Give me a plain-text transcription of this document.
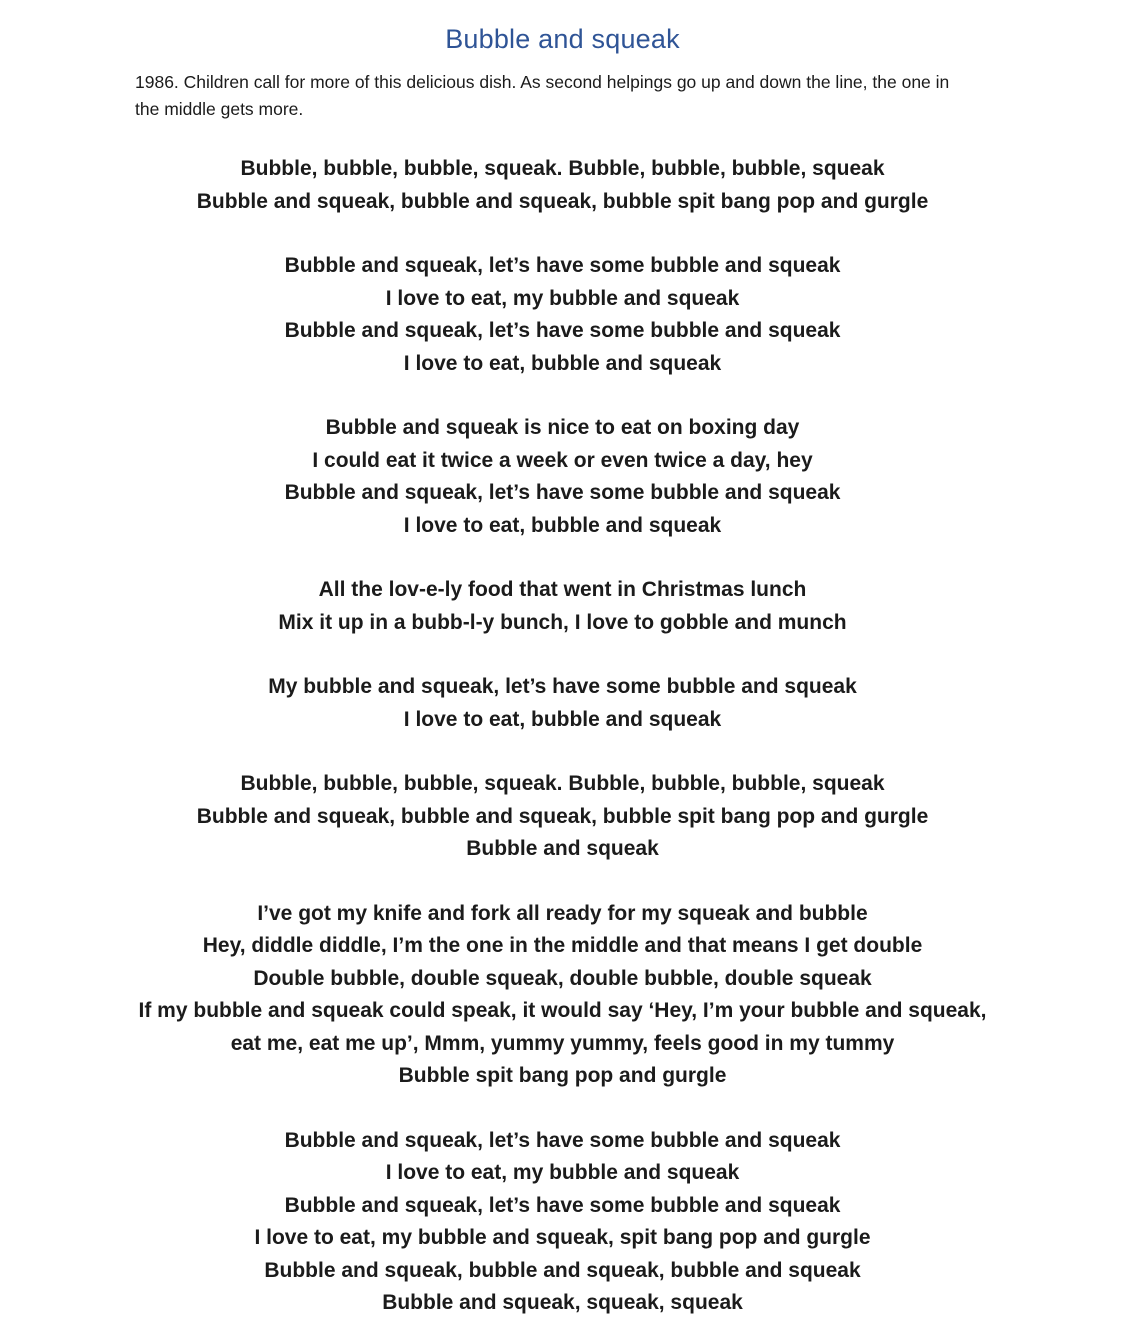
Bubble and squeak

1986. Children call for more of this delicious dish. As second helpings go up and down the line, the one in the middle gets more.

Bubble, bubble, bubble, squeak. Bubble, bubble, bubble, squeak

Bubble and squeak, bubble and squeak, bubble spit bang pop and gurgle

Bubble and squeak, let’s have some bubble and squeak

I love to eat, my bubble and squeak

Bubble and squeak, let’s have some bubble and squeak

I love to eat, bubble and squeak

Bubble and squeak is nice to eat on boxing day

I could eat it twice a week or even twice a day, hey

Bubble and squeak, let’s have some bubble and squeak

I love to eat, bubble and squeak

All the lov-e-ly food that went in Christmas lunch

Mix it up in a bubb-l-y bunch, I love to gobble and munch

My bubble and squeak, let’s have some bubble and squeak

I love to eat, bubble and squeak

Bubble, bubble, bubble, squeak. Bubble, bubble, bubble, squeak

Bubble and squeak, bubble and squeak, bubble spit bang pop and gurgle

Bubble and squeak

I’ve got my knife and fork all ready for my squeak and bubble

Hey, diddle diddle, I’m the one in the middle and that means I get double

Double bubble, double squeak, double bubble, double squeak

If my bubble and squeak could speak, it would say ‘Hey, I’m your bubble and squeak, eat me, eat me up’, Mmm, yummy yummy, feels good in my tummy

Bubble spit bang pop and gurgle

Bubble and squeak, let’s have some bubble and squeak

I love to eat, my bubble and squeak

Bubble and squeak, let’s have some bubble and squeak

I love to eat, my bubble and squeak, spit bang pop and gurgle

Bubble and squeak, bubble and squeak, bubble and squeak

Bubble and squeak, squeak, squeak
